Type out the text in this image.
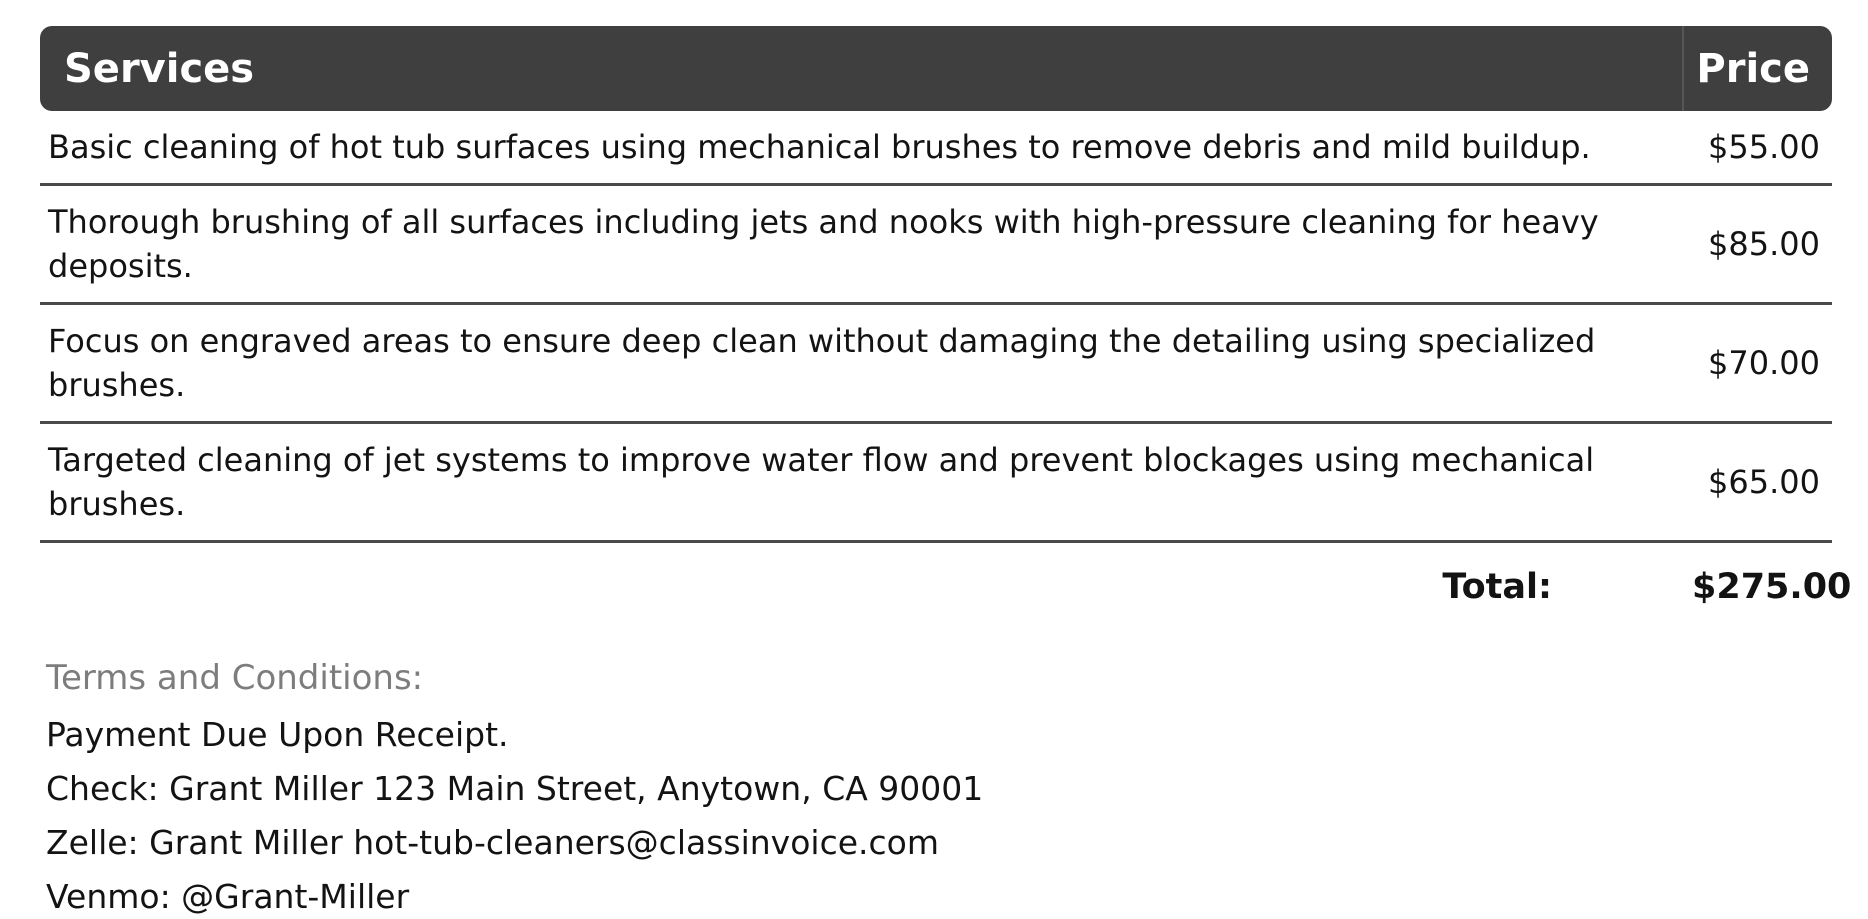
Services	Price
Basic cleaning of hot tub surfaces using mechanical brushes to remove debris and mild buildup.	$55.00
Thorough brushing of all surfaces including jets and nooks with high-pressure cleaning for heavy deposits.	$85.00
Focus on engraved areas to ensure deep clean without damaging the detailing using specialized brushes.	$70.00
Targeted cleaning of jet systems to improve water flow and prevent blockages using mechanical brushes.	$65.00
Total:	$275.00
Terms and Conditions:
Payment Due Upon Receipt.
Check: Grant Miller 123 Main Street, Anytown, CA 90001
Zelle: Grant Miller hot-tub-cleaners@classinvoice.com
Venmo: @Grant-Miller
